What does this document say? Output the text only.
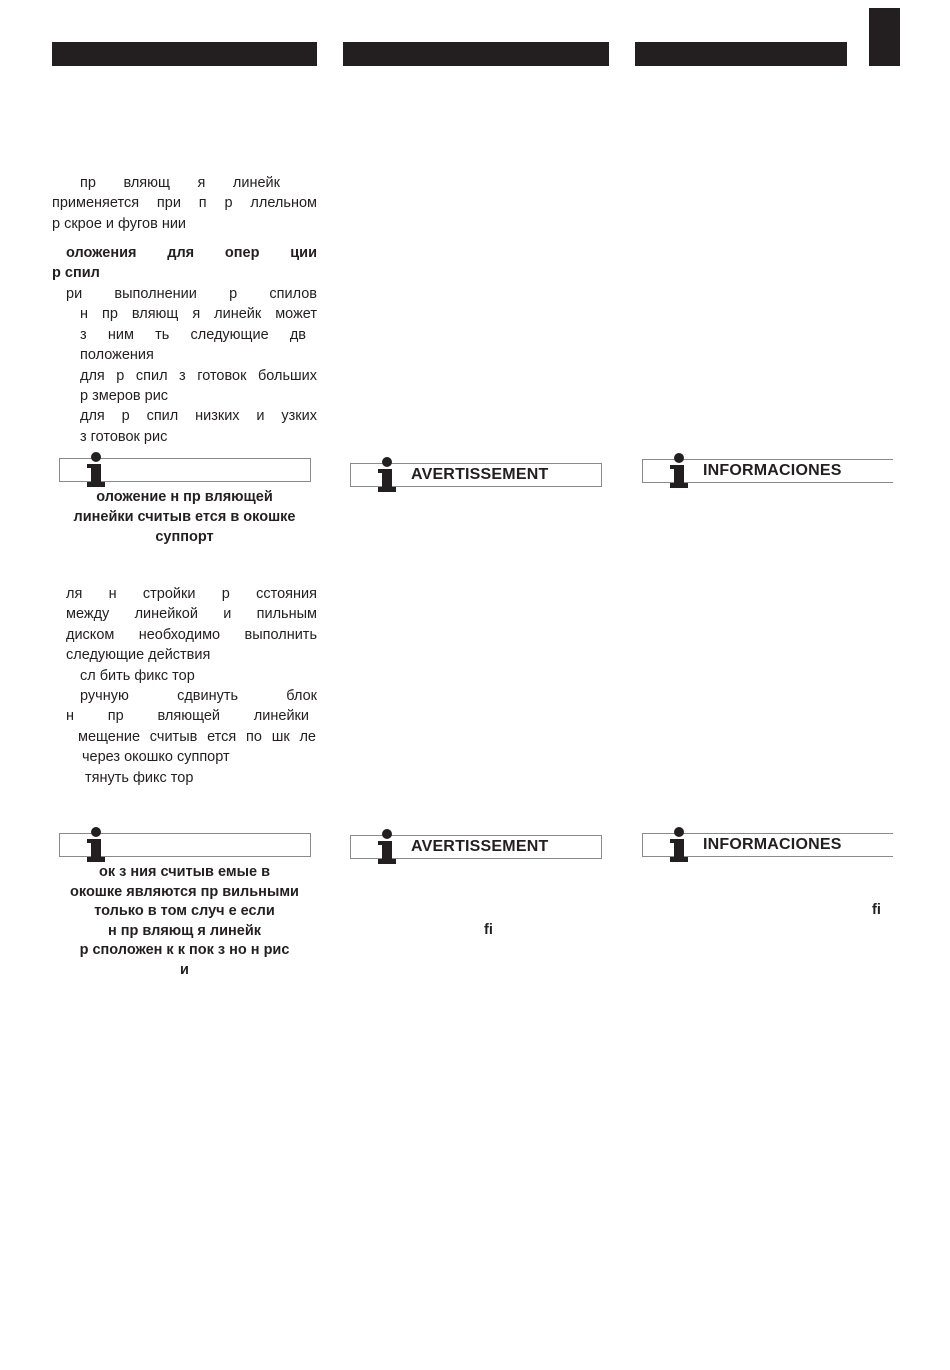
пр вляющ я линейк
применяется при п р ллельном
р скрое и фугов нии
оложения для опер ции
р спил
ри выполнении р спилов
н пр вляющ я линейк может
з ним ть следующие дв
положения
для р спил з готовок больших
р змеров рис
для р спил низких и узких
з готовок рис
AVERTISSEMENT	INFORMACIONES
оложение н пр вляющей
линейки считыв ется в окошке
суппорт
ля н стройки р сстояния
между линейкой и пильным
диском необходимо выполнить
следующие действия
сл бить фикс тор
ручную сдвинуть блок
н пр вляющей линейки
мещение считыв ется по шк ле
через окошко суппорт
тянуть фикс тор
AVERTISSEMENT	INFORMACIONES
ок з ния считыв емые в
окошке являются пр вильными
только в том случ е если
н пр вляющ я линейк
р сположен к к пок з но н рис
и
fi
fi
